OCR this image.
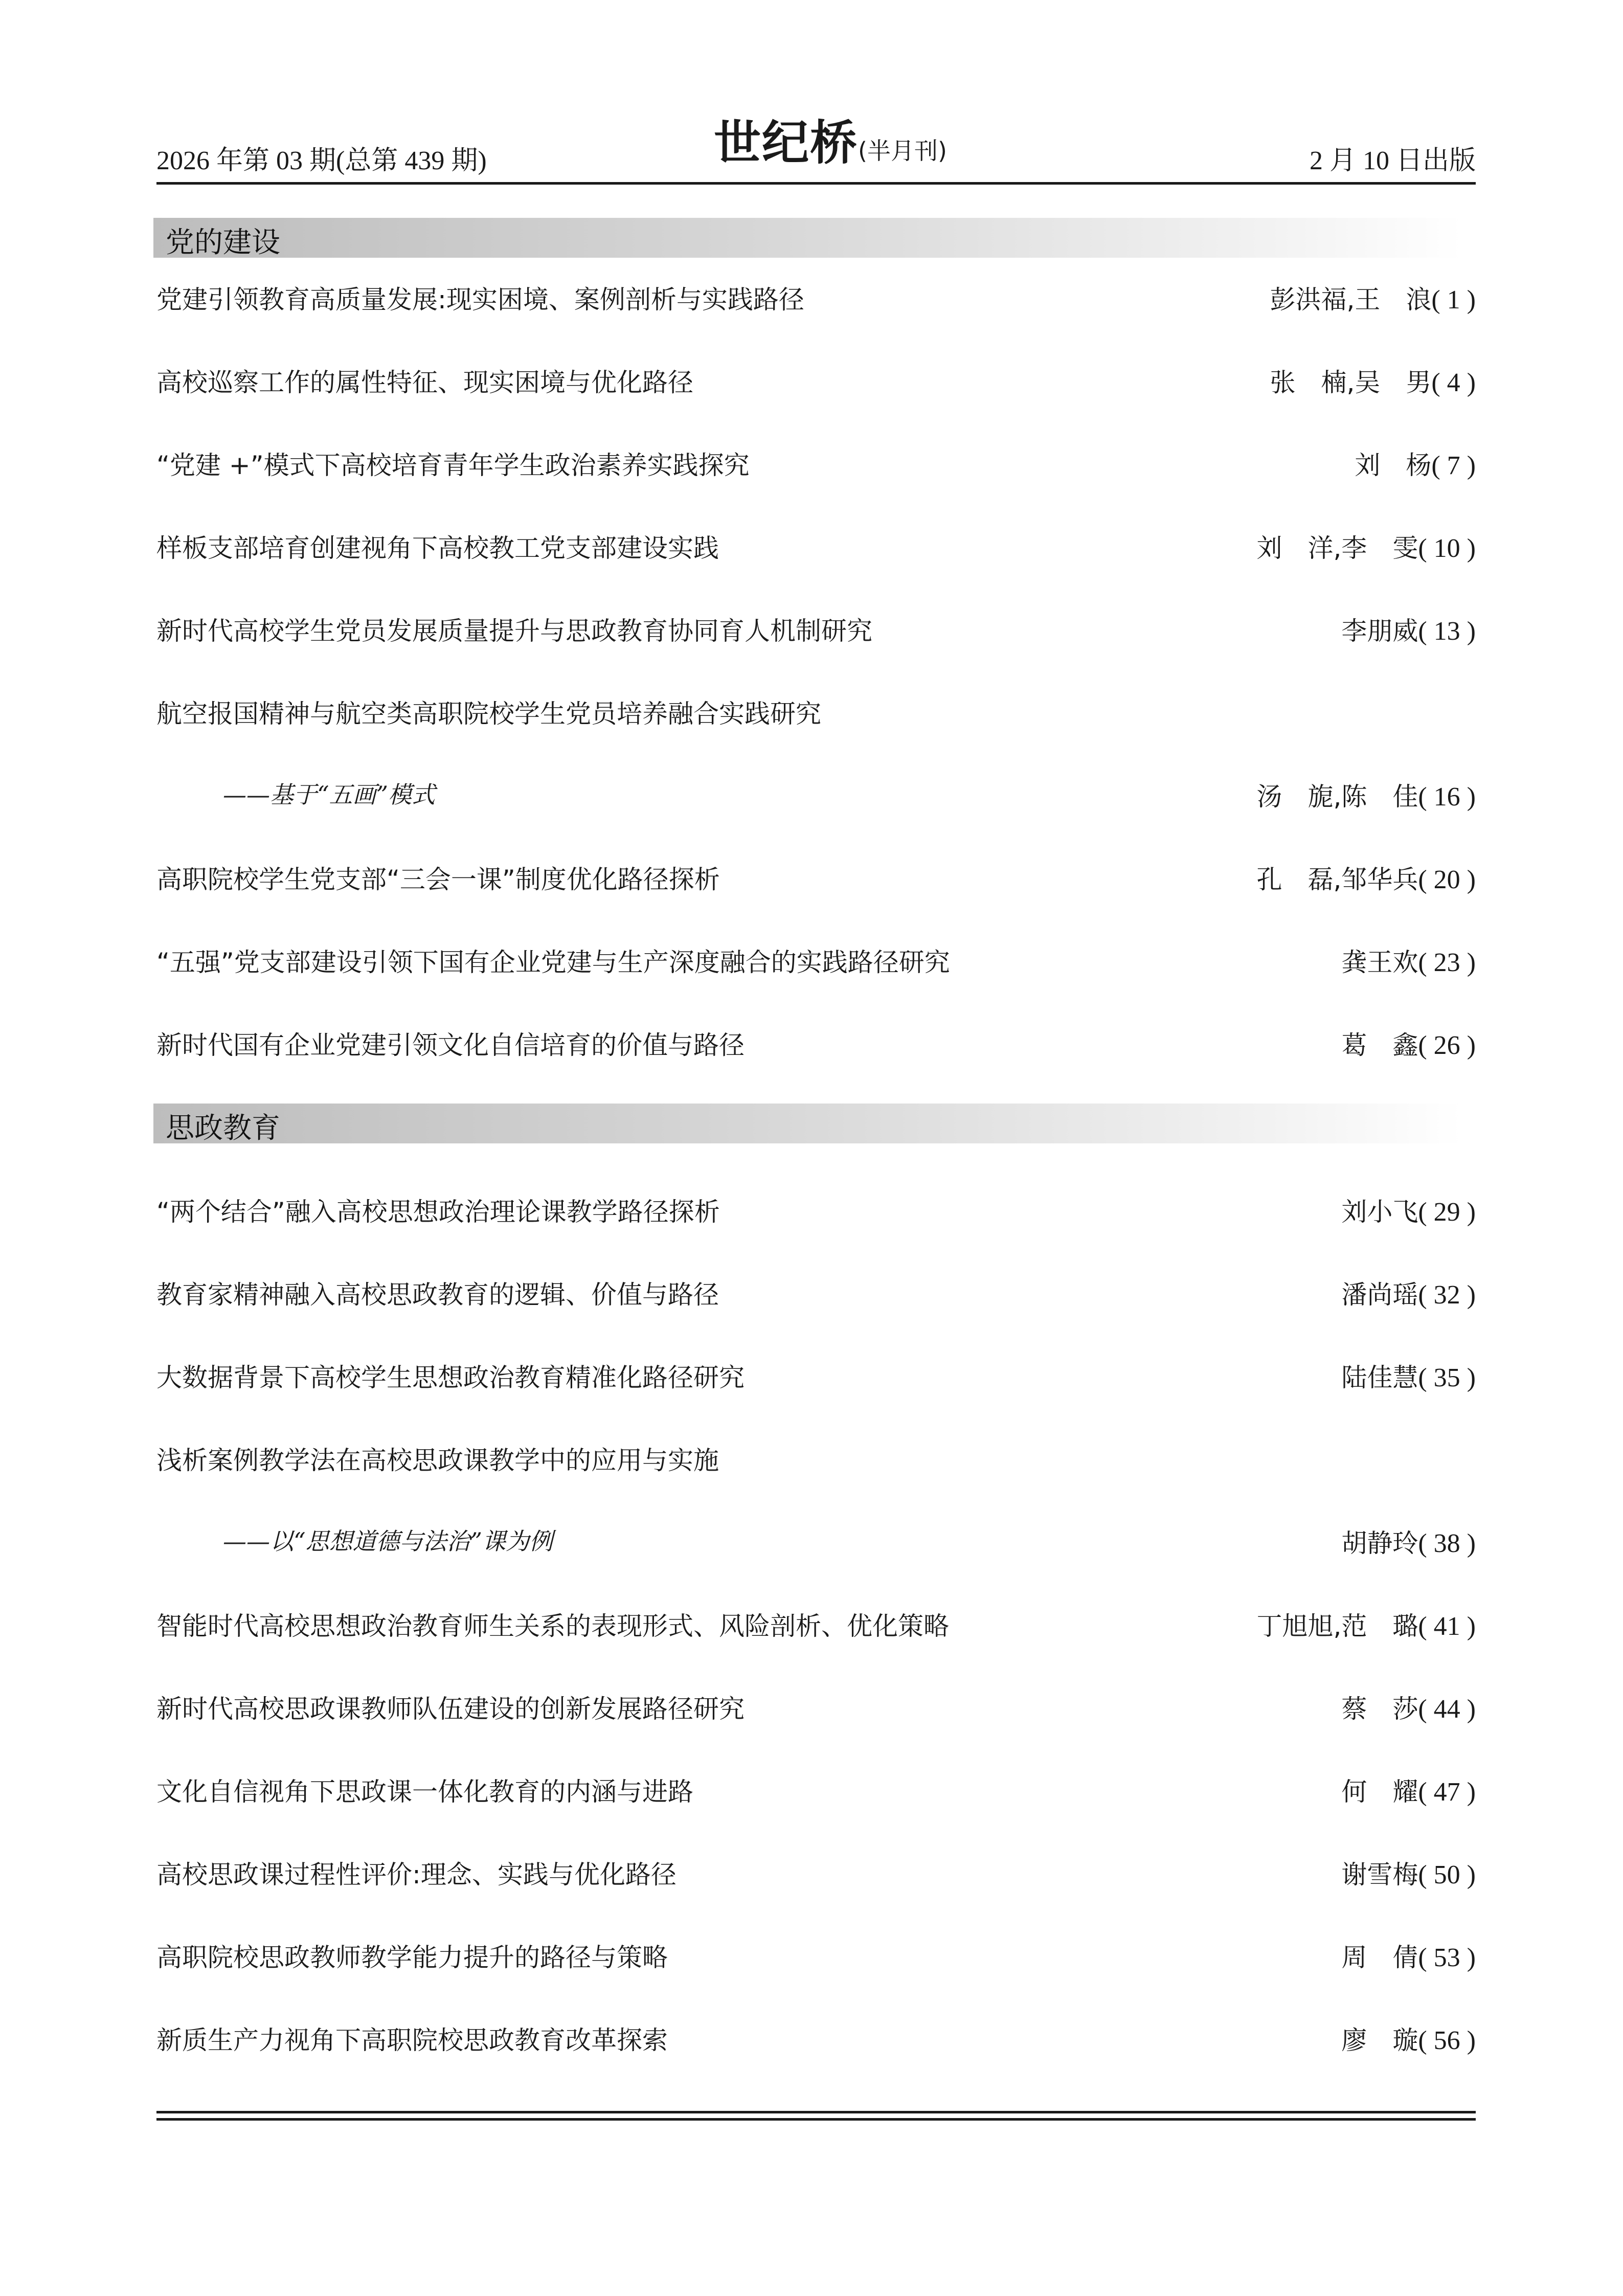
2026 年第 03 期(总第 439 期)	世纪桥(半月刊)	2 月 10 日出版
党的建设
党建引领教育高质量发展:现实困境、案例剖析与实践路径	彭洪福,王　浪( 1 )
高校巡察工作的属性特征、现实困境与优化路径	张　楠,吴　男( 4 )
“党建 +”模式下高校培育青年学生政治素养实践探究	刘　杨( 7 )
样板支部培育创建视角下高校教工党支部建设实践	刘　洋,李　雯( 10 )
新时代高校学生党员发展质量提升与思政教育协同育人机制研究	李朋威( 13 )
航空报国精神与航空类高职院校学生党员培养融合实践研究
——基于“五画”模式	汤　旎,陈　佳( 16 )
高职院校学生党支部“三会一课”制度优化路径探析	孔　磊,邹华兵( 20 )
“五强”党支部建设引领下国有企业党建与生产深度融合的实践路径研究	龚王欢( 23 )
新时代国有企业党建引领文化自信培育的价值与路径	葛　鑫( 26 )
思政教育
“两个结合”融入高校思想政治理论课教学路径探析	刘小飞( 29 )
教育家精神融入高校思政教育的逻辑、价值与路径	潘尚瑶( 32 )
大数据背景下高校学生思想政治教育精准化路径研究	陆佳慧( 35 )
浅析案例教学法在高校思政课教学中的应用与实施
——以“思想道德与法治”课为例	胡静玲( 38 )
智能时代高校思想政治教育师生关系的表现形式、风险剖析、优化策略	丁旭旭,范　璐( 41 )
新时代高校思政课教师队伍建设的创新发展路径研究	蔡　莎( 44 )
文化自信视角下思政课一体化教育的内涵与进路	何　耀( 47 )
高校思政课过程性评价:理念、实践与优化路径	谢雪梅( 50 )
高职院校思政教师教学能力提升的路径与策略	周　倩( 53 )
新质生产力视角下高职院校思政教育改革探索	廖　璇( 56 )
